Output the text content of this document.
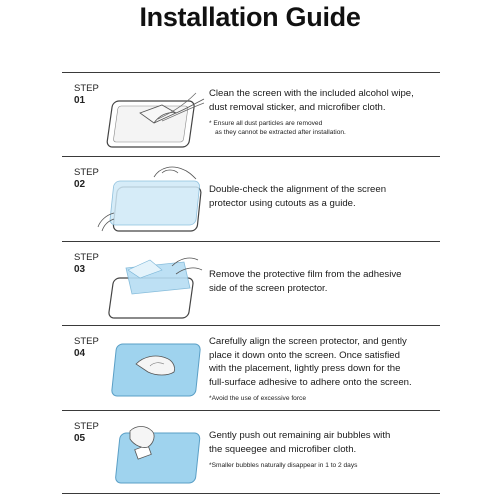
Installation Guide
STEP
01
Clean the screen with the included alcohol wipe,
dust removal sticker, and microfiber cloth.
* Ensure all dust particles are removed
as they cannot be extracted after installation.
STEP
02	Double-check the alignment of the screen
protector using cutouts as a guide.
STEP
03	Remove the protective film from the adhesive
side of the screen protector.
STEP
04
Carefully align the screen protector, and gently
place it down onto the screen. Once satisfied
with the placement, lightly press down for the
full-surface adhesive to adhere onto the screen.
*Avoid the use of excessive force
STEP
05	Gently push out remaining air bubbles with
the squeegee and microfiber cloth.
*Smaller bubbles naturally disappear in 1 to 2 days
